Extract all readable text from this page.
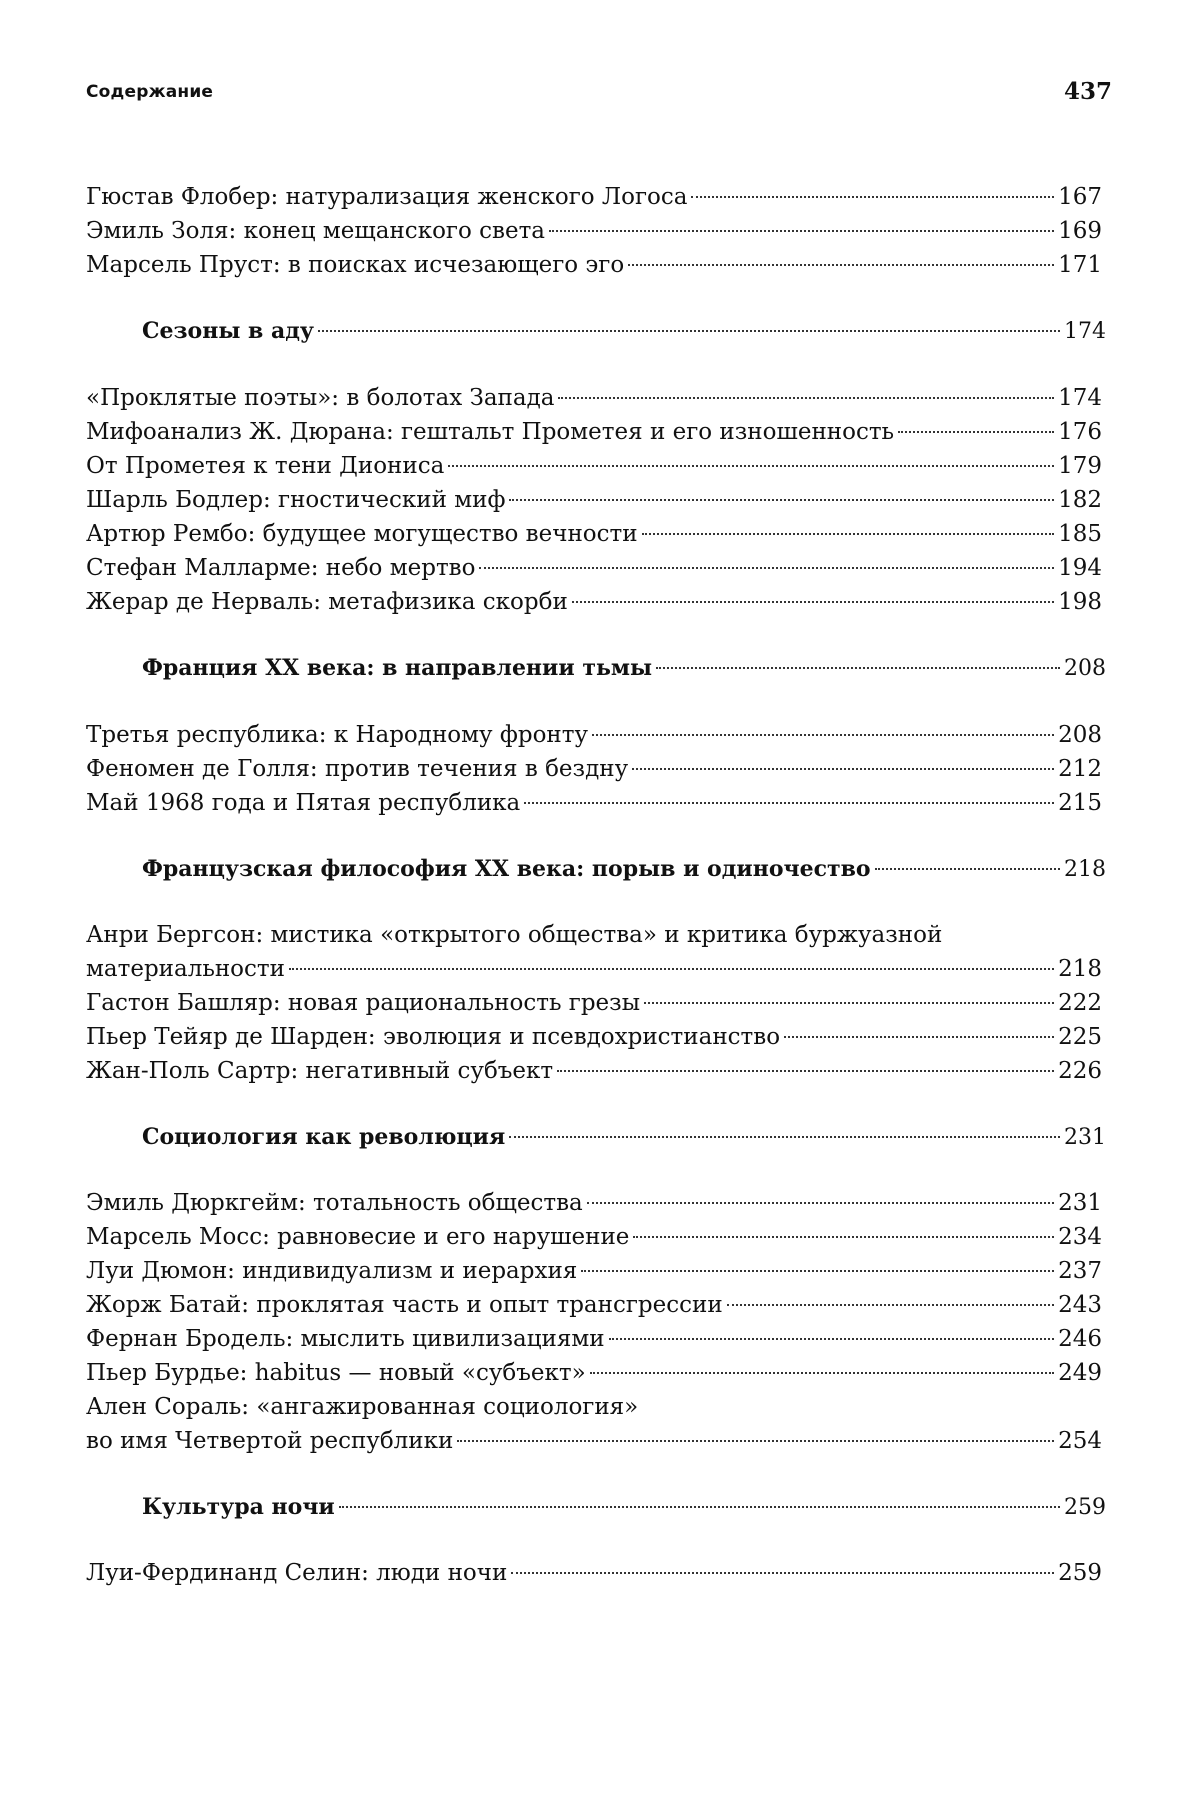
Содержание	437
Гюстав Флобер: натурализация женского Логоса	167
Эмиль Золя: конец мещанского света	169
Марсель Пруст: в поисках исчезающего эго	171
Сезоны в аду	174
«Проклятые поэты»: в болотах Запада	174
Мифоанализ Ж. Дюрана: гештальт Прометея и его изношенность	176
От Прометея к тени Диониса	179
Шарль Бодлер: гностический миф	182
Артюр Рембо: будущее могущество вечности	185
Стефан Малларме: небо мертво	194
Жерар де Нерваль: метафизика скорби	198
Франция XX века: в направлении тьмы	208
Третья республика: к Народному фронту	208
Феномен де Голля: против течения в бездну	212
Май 1968 года и Пятая республика	215
Французская философия XX века: порыв и одиночество	218
Анри Бергсон: мистика «открытого общества» и критика буржуазной
материальности	218
Гастон Башляр: новая рациональность грезы	222
Пьер Тейяр де Шарден: эволюция и псевдохристианство	225
Жан-Поль Сартр: негативный субъект	226
Социология как революция	231
Эмиль Дюркгейм: тотальность общества	231
Марсель Мосс: равновесие и его нарушение	234
Луи Дюмон: индивидуализм и иерархия	237
Жорж Батай: проклятая часть и опыт трансгрессии	243
Фернан Бродель: мыслить цивилизациями	246
Пьер Бурдье: habitus — новый «субъект»	249
Ален Сораль: «ангажированная социология»
во имя Четвертой республики	254
Культура ночи	259
Луи-Фердинанд Селин: люди ночи	259
